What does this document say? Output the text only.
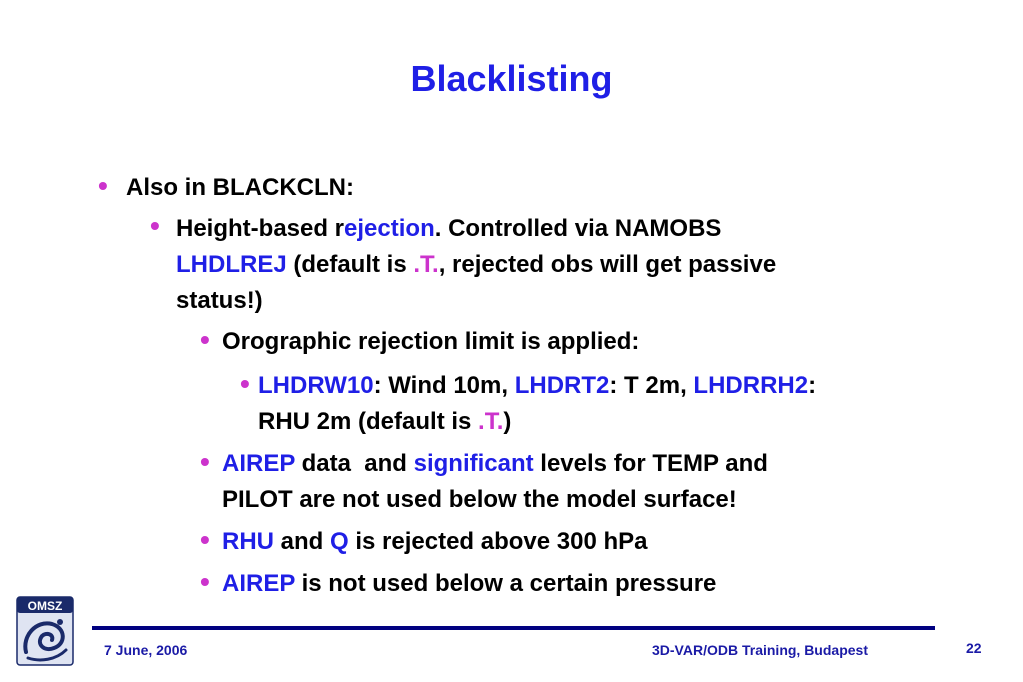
Blacklisting
• Also in BLACKCLN:
• Height-based rejection. Controlled via NAMOBS
LHDLREJ (default is .T., rejected obs will get passive
status!)
• Orographic rejection limit is applied:
• LHDRW10: Wind 10m, LHDRT2: T 2m, LHDRRH2:
RHU 2m (default is .T.)
• AIREP data  and significant levels for TEMP and
PILOT are not used below the model surface!
• RHU and Q is rejected above 300 hPa
• AIREP is not used below a certain pressure
OMSZ
7 June, 2006	3D-VAR/ODB Training, Budapest	22
